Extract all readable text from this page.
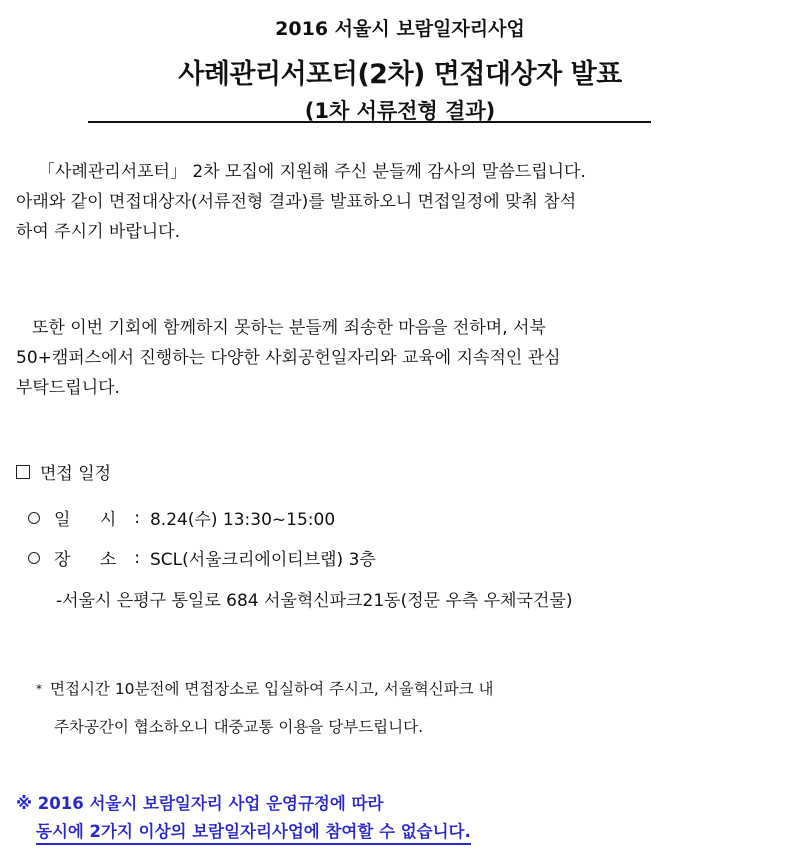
2016 서울시 보람일자리사업
사례관리서포터(2차) 면접대상자 발표
(1차 서류전형 결과)
「사례관리서포터」 2차 모집에 지원해 주신 분들께 감사의 말씀드립니다.
아래와 같이 면접대상자(서류전형 결과)를 발표하오니 면접일정에 맞춰 참석
하여 주시기 바랍니다.
또한 이번 기회에 함께하지 못하는 분들께 죄송한 마음을 전하며, 서북
50+캠퍼스에서 진행하는 다양한 사회공헌일자리와 교육에 지속적인 관심
부탁드립니다.
면접 일정
일 시 : 8.24(수) 13:30~15:00
장 소 : SCL(서울크리에이티브랩) 3층
-서울시 은평구 통일로 684 서울혁신파크21동(정문 우측 우체국건물)
* 면접시간 10분전에 면접장소로 입실하여 주시고, 서울혁신파크 내
주차공간이 협소하오니 대중교통 이용을 당부드립니다.
※ 2016 서울시 보람일자리 사업 운영규정에 따라
동시에 2가지 이상의 보람일자리사업에 참여할 수 없습니다.
